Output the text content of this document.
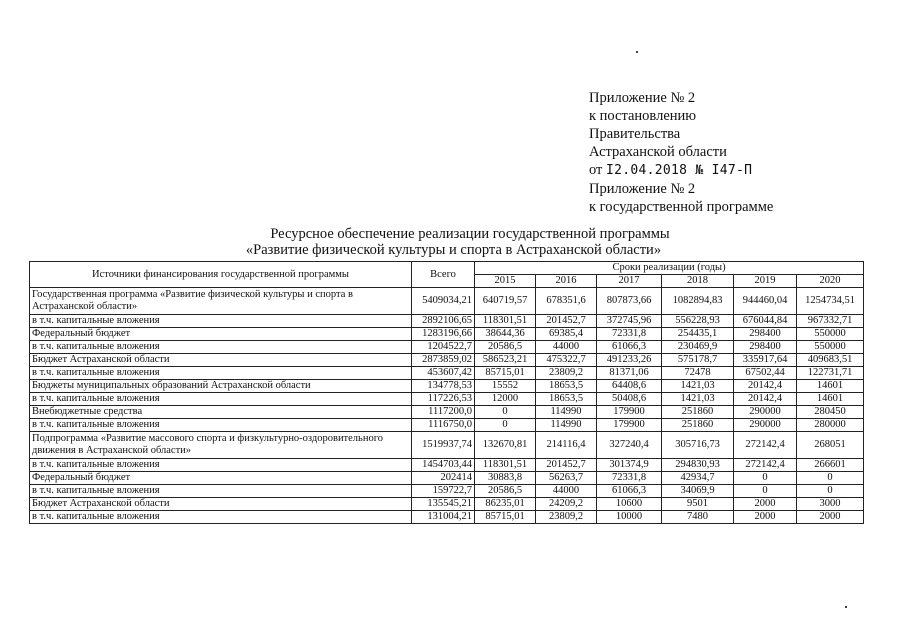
Приложение № 2
к постановлению
Правительства
Астраханской области
от I2.04.2018 № I47-П
Приложение № 2
к государственной программе
Ресурсное обеспечение реализации государственной программы
«Развитие физической культуры и спорта в Астраханской области»
Источники финансирования государственной программы	Всего	Сроки реализации (годы)					
		2015	2016	2017	2018	2019	2020
Государственная программа «Развитие физической культуры и спорта в Астраханской области»	5409034,21	640719,57	678351,6	807873,66	1082894,83	944460,04	1254734,51
в т.ч. капитальные вложения	2892106,65	118301,51	201452,7	372745,96	556228,93	676044,84	967332,71
Федеральный бюджет	1283196,66	38644,36	69385,4	72331,8	254435,1	298400	550000
в т.ч. капитальные вложения	1204522,7	20586,5	44000	61066,3	230469,9	298400	550000
Бюджет Астраханской области	2873859,02	586523,21	475322,7	491233,26	575178,7	335917,64	409683,51
в т.ч. капитальные вложения	453607,42	85715,01	23809,2	81371,06	72478	67502,44	122731,71
Бюджеты муниципальных образований Астраханской области	134778,53	15552	18653,5	64408,6	1421,03	20142,4	14601
в т.ч. капитальные вложения	117226,53	12000	18653,5	50408,6	1421,03	20142,4	14601
Внебюджетные средства	1117200,0	0	114990	179900	251860	290000	280450
в т.ч. капитальные вложения	1116750,0	0	114990	179900	251860	290000	280000
Подпрограмма «Развитие массового спорта и физкультурно-оздоровительного движения в Астраханской области»	1519937,74	132670,81	214116,4	327240,4	305716,73	272142,4	268051
в т.ч. капитальные вложения	1454703,44	118301,51	201452,7	301374,9	294830,93	272142,4	266601
Федеральный бюджет	202414	30883,8	56263,7	72331,8	42934,7	0	0
в т.ч. капитальные вложения	159722,7	20586,5	44000	61066,3	34069,9	0	0
Бюджет Астраханской области	135545,21	86235,01	24209,2	10600	9501	2000	3000
в т.ч. капитальные вложения	131004,21	85715,01	23809,2	10000	7480	2000	2000
